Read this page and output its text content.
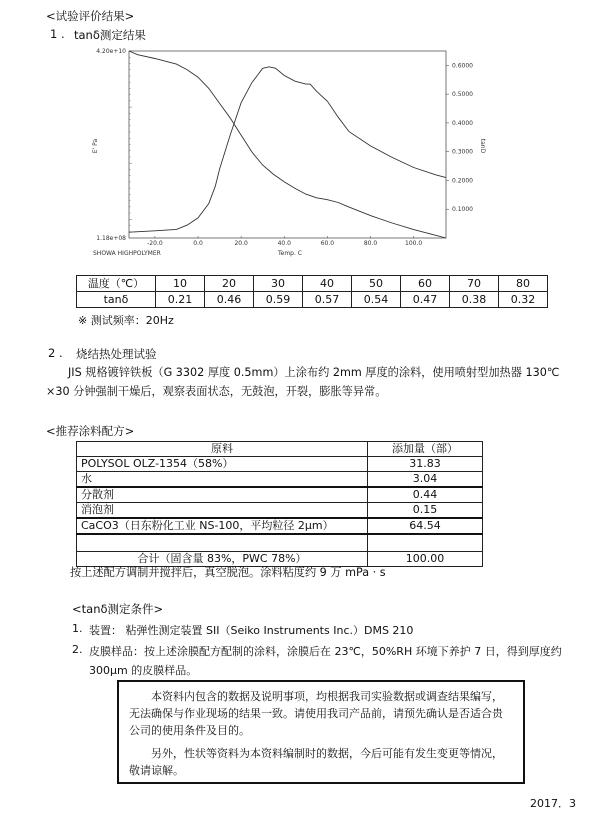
<试验评价结果>
1 . tanδ测定结果
0.6000
0.5000
0.4000
0.3000
0.2000
0.1000
-20.0	0.0	20.0	40.0	60.0	80.0	100.0
4.20e+10
1.18e+08
E' Pa	tanD
Temp. C
SHOWA HIGHPOLYMER
温度（℃）	10	20	30	40	50	60	70	80
tanδ	0.21	0.46	0.59	0.57	0.54	0.47	0.38	0.32
※ 测试频率：20Hz
2 . 烧结热处理试验
JIS 规格镀锌铁板（G 3302 厚度 0.5mm）上涂布约 2mm 厚度的涂料，使用喷射型加热器 130℃
×30 分钟强制干燥后，观察表面状态，无鼓泡，开裂，膨胀等异常。
<推荐涂料配方>
原料	添加量（部）
POLYSOL OLZ-1354（58%）	31.83
水	3.04
分散剂	0.44
消泡剂	0.15
CaCO3（日东粉化工业 NS-100，平均粒径 2μm）	64.54

合计（固含量 83%，PWC 78%）	100.00
按上述配方调制并搅拌后，真空脱泡。涂料粘度约 9 万 mPa · s
<tanδ测定条件>
1. 装置： 粘弹性测定装置 SII（Seiko Instruments Inc.）DMS 210
2. 皮膜样品：按上述涂膜配方配制的涂料，涂膜后在 23℃，50%RH 环境下养护 7 日，得到厚度约
300μm 的皮膜样品。

本资料内包含的数据及说明事项，均根据我司实验数据或调查结果编写，无法确保与作业现场的结果一致。请使用我司产品前，请预先确认是否适合贵公司的使用条件及目的。

另外，性状等资料为本资料编制时的数据，今后可能有发生变更等情况，敬请谅解。

2017．3
